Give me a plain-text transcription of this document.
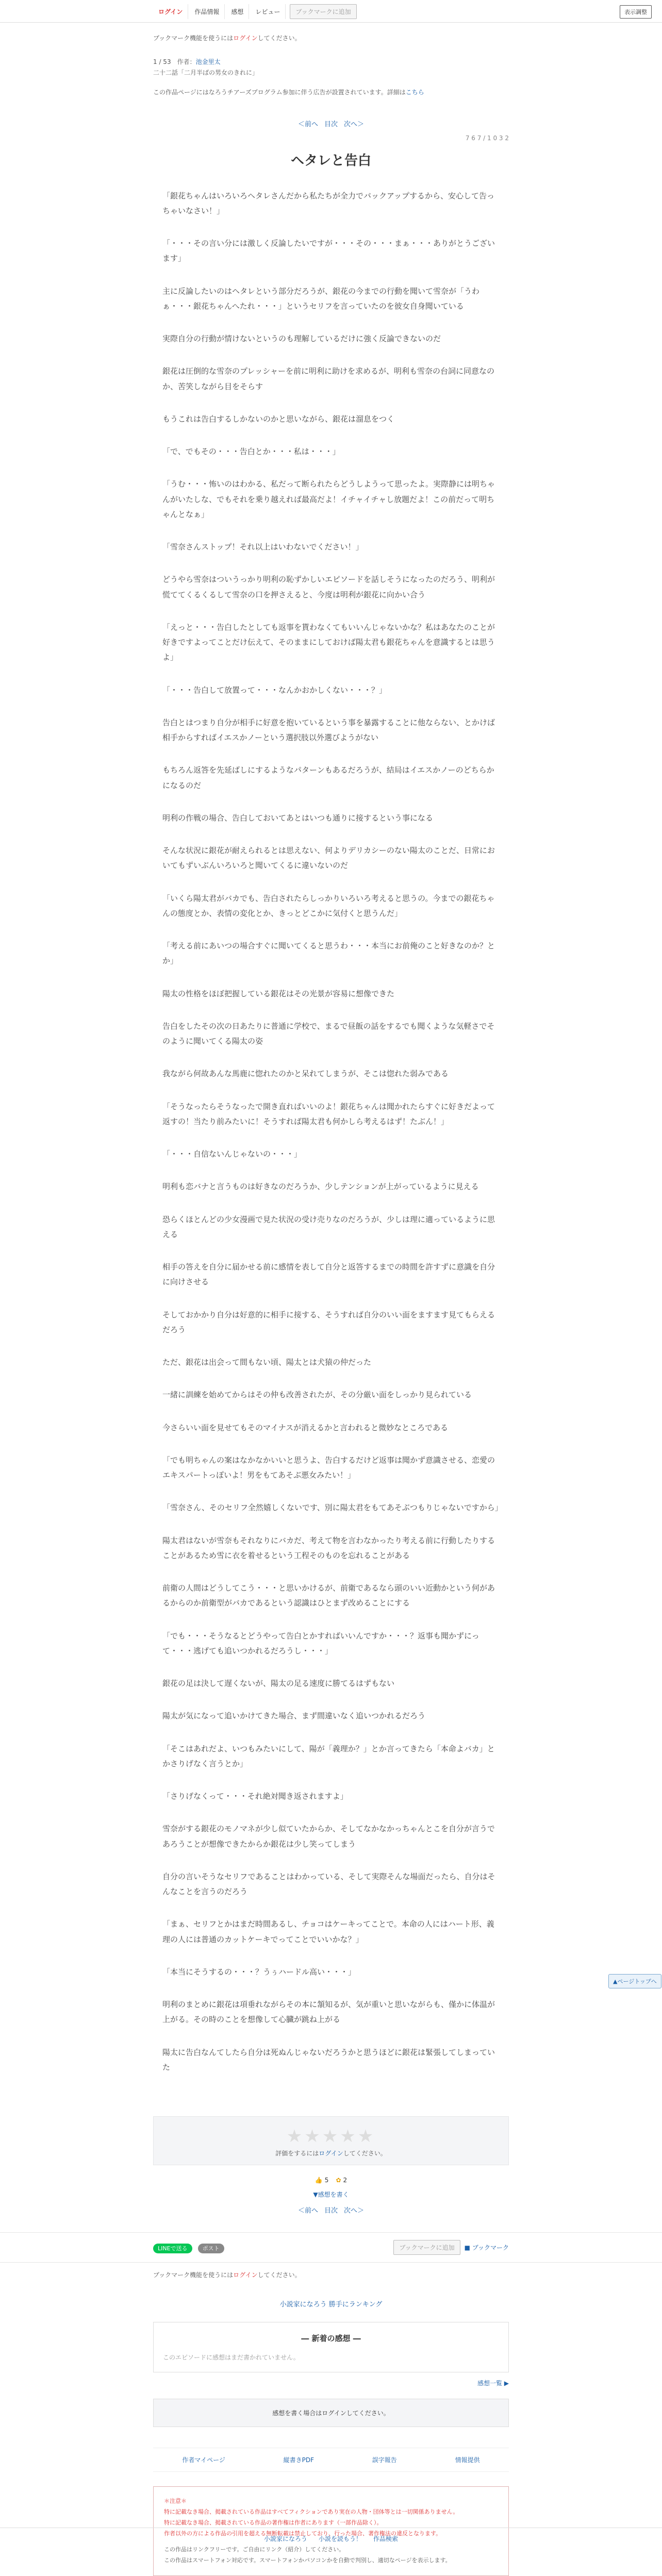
ログイン	作品情報	感想	レビュー	ブックマークに追加	表示調整

ブックマーク機能を使うにはログインしてください。

1 / 53　 作者：池金里太

二十二話「二月半ばの男女のきれに」

この作品ページにはなろうチアーズプログラム参加に伴う広告が設置されています。詳細はこちら

＜前へ 目次 次へ＞
7 6 7 / 1 0 3 2
ヘタレと告白

「銀花ちゃんはいろいろヘタレさんだから私たちが全力でバックアップするから、安心して告っちゃいなさい！」

「・・・その言い分には激しく反論したいですが・・・その・・・まぁ・・・ありがとうございます」

主に反論したいのはヘタレという部分だろうが、銀花の今までの行動を聞いて雪奈が「うわぁ・・・銀花ちゃんへたれ・・・」というセリフを言っていたのを彼女自身聞いている

実際自分の行動が情けないというのも理解しているだけに強く反論できないのだ

銀花は圧倒的な雪奈のプレッシャーを前に明利に助けを求めるが、明利も雪奈の台詞に同意なのか、苦笑しながら目をそらす

もうこれは告白するしかないのかと思いながら、銀花は溜息をつく

「で、でもその・・・告白とか・・・私は・・・」

「うむ・・・怖いのはわかる、私だって断られたらどうしようって思ったよ。実際静には明ちゃんがいたしな、でもそれを乗り越えれば最高だよ！イチャイチャし放題だよ！この前だって明ちゃんとなぁ」

「雪奈さんストップ！それ以上はいわないでください！」

どうやら雪奈はついうっかり明利の恥ずかしいエピソードを話しそうになったのだろう、明利が慌ててくるくるして雪奈の口を押さえると、今度は明利が銀花に向かい合う

「えっと・・・告白したとしても返事を貰わなくてもいいんじゃないかな？私はあなたのことが好きですよってことだけ伝えて、そのままにしておけば陽太君も銀花ちゃんを意識するとは思うよ」

「・・・告白して放置って・・・なんかおかしくない・・・？」

告白とはつまり自分が相手に好意を抱いているという事を暴露することに他ならない、とかけば相手からすればイエスかノーという選択肢以外選びようがない

もちろん返答を先延ばしにするようなパターンもあるだろうが、結局はイエスかノーのどちらかになるのだ

明利の作戦の場合、告白しておいてあとはいつも通りに接するという事になる

そんな状況に銀花が耐えられるとは思えない、何よりデリカシーのない陽太のことだ、日常においてもずいぶんいろいろと聞いてくるに違いないのだ

「いくら陽太君がバカでも、告白されたらしっかりいろいろ考えると思うの。今までの銀花ちゃんの態度とか、表情の変化とか、きっとどこかに気付くと思うんだ」

「考える前にあいつの場合すぐに聞いてくると思うわ・・・本当にお前俺のこと好きなのか？とか」

陽太の性格をほぼ把握している銀花はその光景が容易に想像できた

告白をしたその次の日あたりに普通に学校で、まるで昼飯の話をするでも聞くような気軽さでそのように聞いてくる陽太の姿

我ながら何故あんな馬鹿に惚れたのかと呆れてしまうが、そこは惚れた弱みである

「そうなったらそうなったで開き直ればいいのよ！銀花ちゃんは聞かれたらすぐに好きだよって返すの！当たり前みたいに！そうすれば陽太君も何かしら考えるはず！たぶん！」

「・・・自信ないんじゃないの・・・」

明利も恋バナと言うものは好きなのだろうか、少しテンションが上がっているように見える

恐らくほとんどの少女漫画で見た状況の受け売りなのだろうが、少しは理に適っているように思える

相手の答えを自分に届かせる前に感情を表して自分と返答するまでの時間を許すずに意識を自分に向けさせる

そしておかかり自分は好意的に相手に接する、そうすれば自分のいい面をますます見てもらえるだろう

ただ、銀花は出会って間もない頃、陽太とは犬猿の仲だった

一緒に訓練を始めてからはその仲も改善されたが、その分厳い面をしっかり見られている

今さらいい面を見せてもそのマイナスが消えるかと言われると微妙なところである

「でも明ちゃんの案はなかなかいいと思うよ、告白するだけど返事は聞かず意識させる、恋愛のエキスパートっぽいよ！男をもてあそぶ悪女みたい！」

「雪奈さん、そのセリフ全然嬉しくないです、別に陽太君をもてあそぶつもりじゃないですから」

陽太君はないが雪奈もそれなりにバカだ、考えて物を言わなかったり考える前に行動したりすることがあるため雪に衣を着せるという工程そのものを忘れることがある

前衛の人間はどうしてこう・・・と思いかけるが、前衛であるなら頭のいい近動かという何があるからのか前衛型がバカであるという認識はひとまず改めることにする

「でも・・・そうなるとどうやって告白とかすればいいんですか・・・？返事も聞かずにって・・・逃げても追いつかれるだろうし・・・」

銀花の足は決して遅くないが、陽太の足る速度に勝てるはずもない

陽太が気になって追いかけてきた場合、まず間違いなく追いつかれるだろう

「そこはあれだよ、いつもみたいにして、陽が「義理か？」とか言ってきたら「本命よバカ」とかさりげなく言うとか」

「さりげなくって・・・それ絶対聞き返されますよ」

雪奈がする銀花のモノマネが少し似ていたからか、そしてなかなかっちゃんとこを自分が言うであろうことが想像できたからか銀花は少し笑ってしまう

自分の言いそうなセリフであることはわかっている、そして実際そんな場面だったら、自分はそんなことを言うのだろう

「まぁ、セリフとかはまだ時間あるし、チョコはケーキってことで。本命の人にはハート形、義理の人には普通のカットケーキでってことでいいかな？」

「本当にそうするの・・・？うぅハードル高い・・・」

明利のまとめに銀花は項垂れながらその本に頷知るが、気が重いと思いながらも、僅かに体温が上がる。その時のことを想像して心臓が跳ね上がる

陽太に告白なんてしたら自分は死ぬんじゃないだろうかと思うほどに銀花は緊張してしまっていた

★★★★★

評価をするにはログインしてください。

👍 5 ✿ 2

▼感想を書く

＜前へ 目次 次へ＞
LINEで送る	ポスト	ブックマークに追加	■ ブックマーク

ブックマーク機能を使うにはログインしてください。

小説家になろう 勝手にランキング

― 新着の感想 ―

このエピソードに感想はまだ書かれていません。

感想一覧 ▶

感想を書く場合はログインしてください。
作者マイページ	縦書きPDF	誤字報告	情報提供

＊注意＊

特に記載なき場合、掲載されている作品はすべてフィクションであり実在の人物・団体等とは一切関係ありません。

特に記載なき場合、掲載されている作品の著作権は作者にあります（一部作品除く）。

作者以外の方による作品の引用を超える無断転載は禁止しており、行った場合、著作権法の違反となります。

この作品はリンクフリーです。ご自由にリンク（紹介）してください。

この作品はスマートフォン対応です。スマートフォンかパソコンかを自動で判別し、適切なページを表示します。

小説家になろう 小説を読もう！ 作品検索
▲ページトップへ
